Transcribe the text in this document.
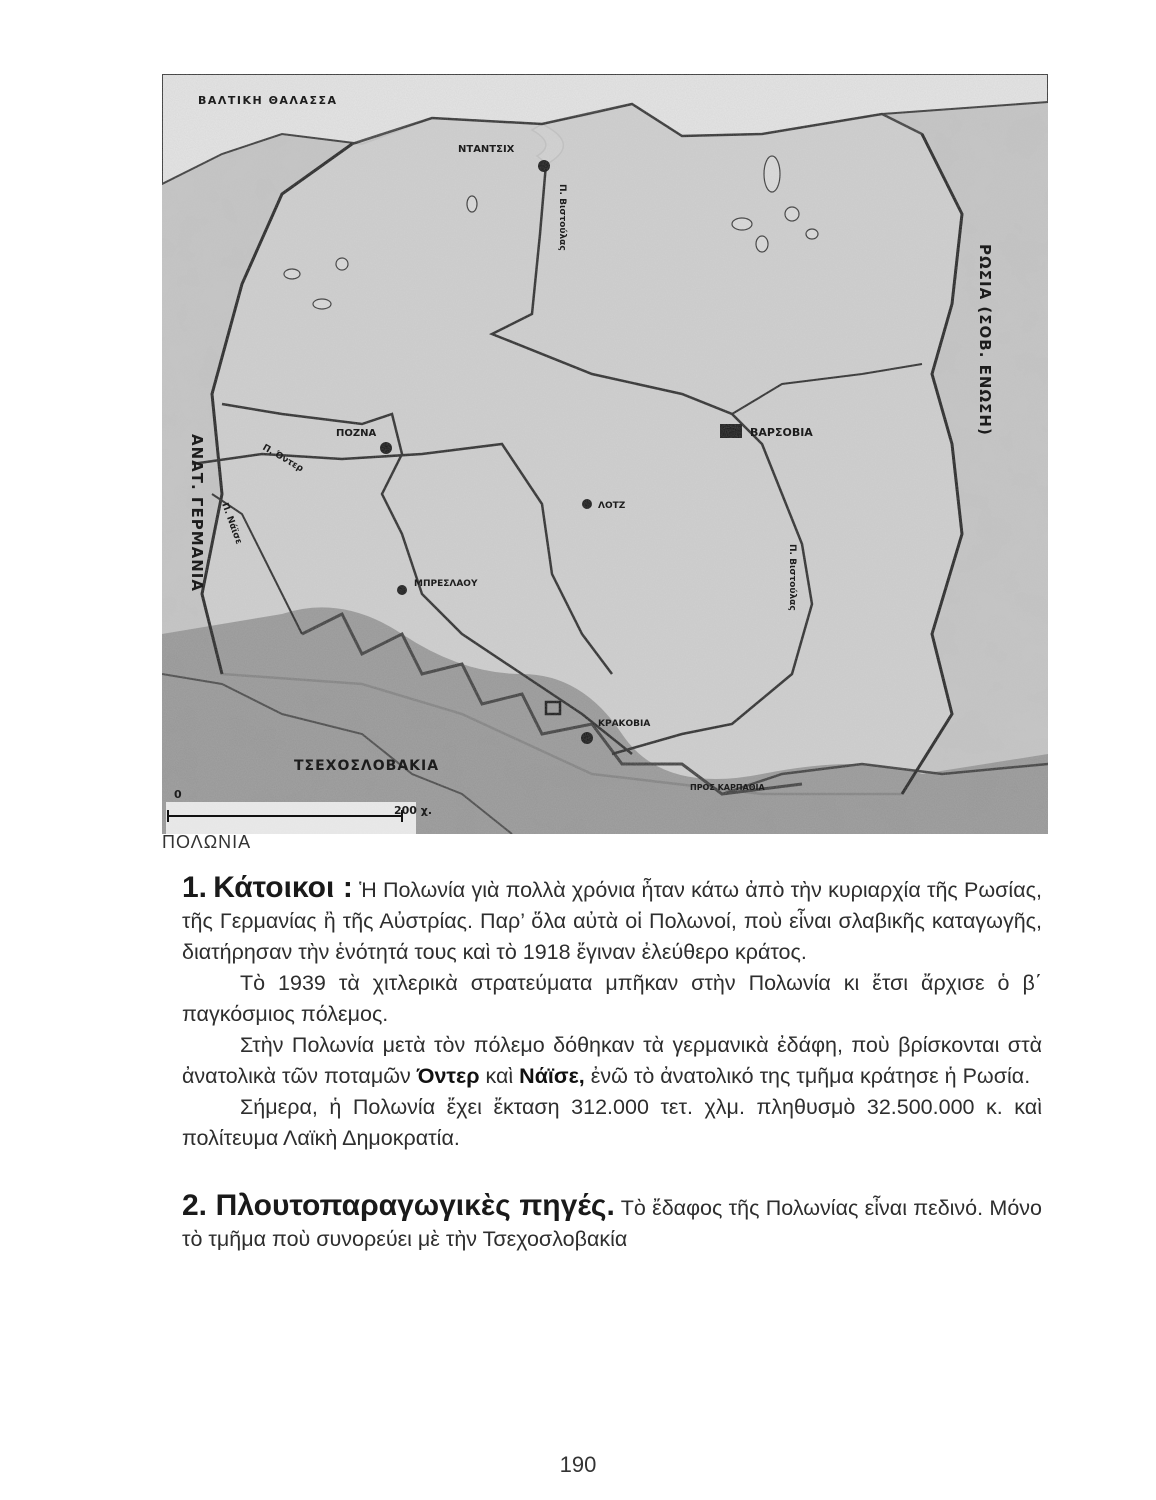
ΒΑΛΤΙΚΗ ΘΑΛΑΣΣΑ
ΝΤΑΝΤΣΙΧ
Π. Βιστούλας
ΡΩΣΙΑ (ΣΟΒ. ΕΝΩΣΗ)
ΒΑΡΣΟΒΙΑ
ΠΟΖΝΑ
Π. Όντερ
Π. Νάϊσε
ΑΝΑΤ. ΓΕΡΜΑΝΙΑ	ΛΟΤΖ
Π. Βιστούλας
ΜΠΡΕΣΛΑΟΥ
ΚΡΑΚΟΒΙΑ
ΤΣΕΧΟΣΛΟΒΑΚΙΑ
ΠΡΟΣ ΚΑΡΠΑΘΙΑ
0
200 χ.
ΠΟΛΩΝΙΑ

1. Κάτοικοι : Ἡ Πολωνία γιὰ πολλὰ χρόνια ἦταν κάτω ἀπὸ τὴν κυριαρχία τῆς Ρωσίας, τῆς Γερμανίας ἢ τῆς Αὐστρίας. Παρ’ ὅλα αὐτὰ οἱ Πολωνοί, ποὺ εἶναι σλαβικῆς καταγωγῆς, διατήρησαν τὴν ἑνότητά τους καὶ τὸ 1918 ἔγιναν ἐλεύθερο κράτος.

Τὸ 1939 τὰ χιτλερικὰ στρατεύματα μπῆκαν στὴν Πολωνία κι ἔτσι ἄρχισε ὁ β΄ παγκόσμιος πόλεμος.

Στὴν Πολωνία μετὰ τὸν πόλεμο δόθηκαν τὰ γερμανικὰ ἐδάφη, ποὺ βρίσκονται στὰ ἀνατολικὰ τῶν ποταμῶν Όντερ καὶ Νάϊσε, ἐνῶ τὸ ἀνατολικό της τμῆμα κράτησε ἡ Ρωσία.

Σήμερα, ἡ Πολωνία ἔχει ἔκταση 312.000 τετ. χλμ. πληθυσμὸ 32.500.000 κ. καὶ πολίτευμα Λαϊκὴ Δημοκρατία.

2. Πλουτοπαραγωγικὲς πηγές. Τὸ ἔδαφος τῆς Πολωνίας εἶναι πεδινό. Μόνο τὸ τμῆμα ποὺ συνορεύει μὲ τὴν Τσεχοσλοβακία

190
